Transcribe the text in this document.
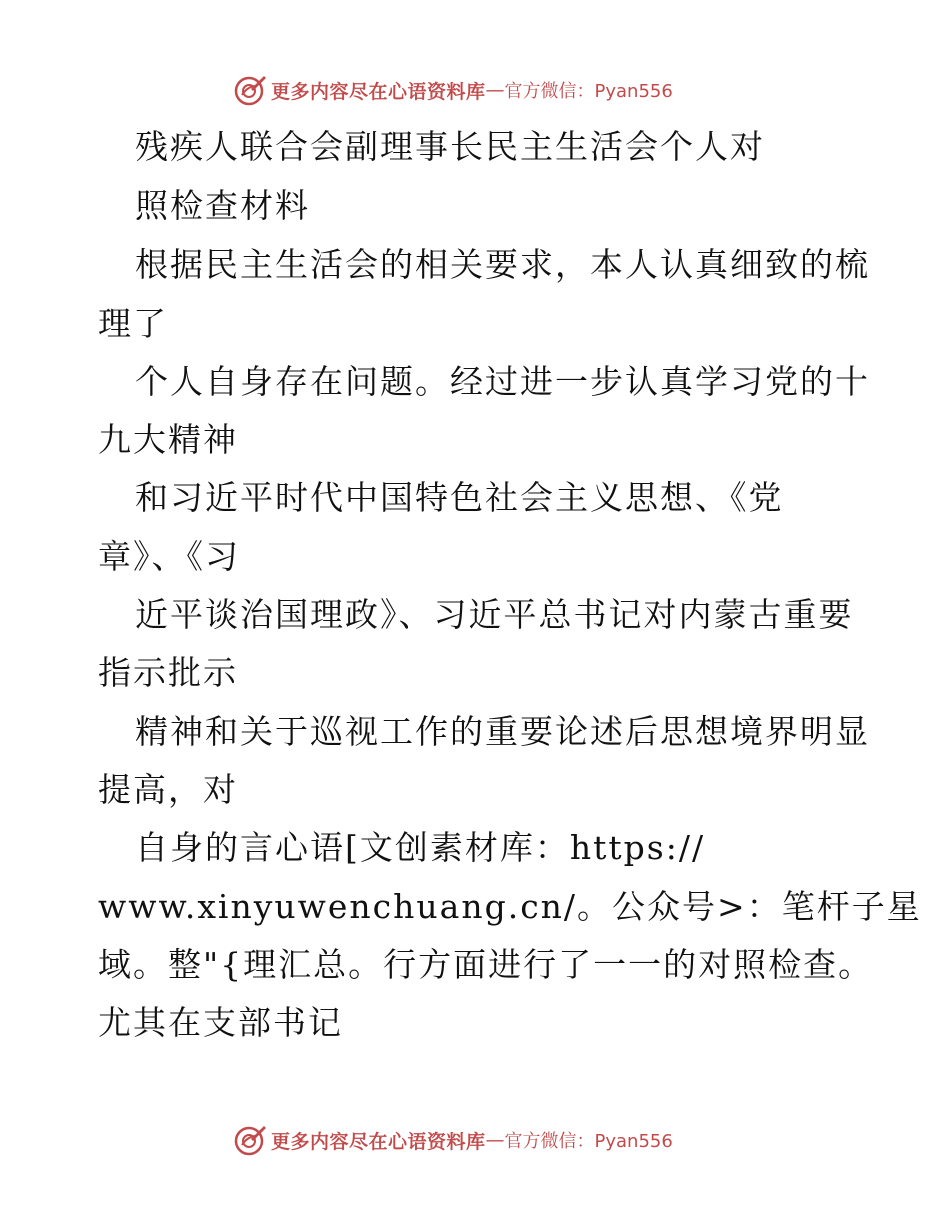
更多内容尽在心语资料库 — 官方微信：Pyan556
残疾人联合会副理事长民主生活会个人对
照检查材料
根据民主生活会的相关要求，本人认真细致的梳
理了
个人自身存在问题。经过进一步认真学习党的十
九大精神
和习近平时代中国特色社会主义思想、《党
章》、《习
近平谈治国理政》、习近平总书记对内蒙古重要
指示批示
精神和关于巡视工作的重要论述后思想境界明显
提高，对
自身的言心语[文创素材库：https://
www.xinyuwenchuang.cn/。公众号>：笔杆子星
域。整"{理汇总。行方面进行了一一的对照检查。
尤其在支部书记
更多内容尽在心语资料库 — 官方微信：Pyan556
